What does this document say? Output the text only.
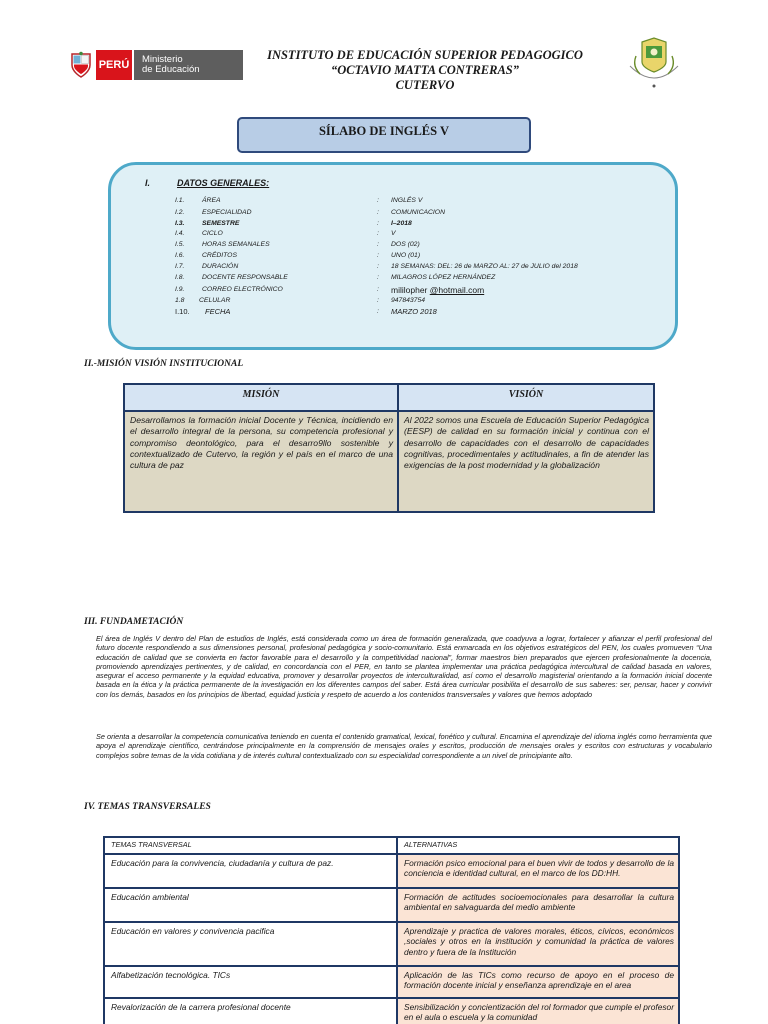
PERÚ Ministerio
de Educación
INSTITUTO DE EDUCACIÓN SUPERIOR PEDAGOGICO
“OCTAVIO MATTA CONTRERAS”
CUTERVO
SÍLABO DE INGLÉS V
I.	DATOS GENERALES:
I.1.	ÁREA	: INGLÉS V
I.2.	ESPECIALIDAD	: COMUNICACION
I.3.	SEMESTRE	: I–2018
I.4.	CICLO	: V
I.5.	HORAS SEMANALES	: DOS (02)
I.6.	CRÉDITOS	: UNO (01)
I.7.	DURACIÓN	: 18 SEMANAS: DEL: 26 de MARZO AL: 27 de JULIO del 2018
I.8.	DOCENTE RESPONSABLE	: MILAGROS LÓPEZ HERNÁNDEZ
I.9.	CORREO ELECTRÓNICO	: mililopher @hotmail.com
1.8 CELULAR	: 947843754
I.10. FECHA	: MARZO 2018
II.-MISIÓN VISIÓN INSTITUCIONAL
MISIÓN	VISIÓN
Desarrollamos la formación inicial Docente y Técnica, incidiendo en el desarrollo integral de la persona, su competencia profesional y compromiso deontológico, para el desarro9llo sostenible y contextualizado de Cutervo, la región y el país en el marco de una cultura de paz
Al 2022 somos una Escuela de Educación Superior Pedagógica (EESP) de calidad en su formación inicial y continua con el desarrollo de capacidades con el desarrollo de capacidades cognitivas, procedimentales y actitudinales, a fin de atender las exigencias de la post modernidad y la globalización
III. FUNDAMETACIÓN
El área de Inglés V dentro del Plan de estudios de Inglés, está considerada como un área de formación generalizada, que coadyuva a lograr, fortalecer y afianzar el perfil profesional del futuro docente respondiendo a sus dimensiones personal, profesional pedagógica y socio-comunitario. Está enmarcada en los objetivos estratégicos del PEN, los cuales promueven “Una educación de calidad que se convierta en factor favorable para el desarrollo y la competitividad nacional”, formar maestros bien preparados que ejercen profesionalmente la docencia, promoviendo aprendizajes pertinentes, y de calidad, en concordancia con el PER, en tanto se plantea implementar una práctica pedagógica intercultural de calidad basada en valores, asegurar el acceso permanente y la equidad educativa, promover y desarrollar proyectos de interculturalidad, así como el desarrollo magisterial orientando a la formación inicial docente basada en la ética y la práctica permanente de la investigación en los diferentes campos del saber. Está área curricular posibilita el desarrollo de sus saberes: ser, pensar, hacer y convivir con los demás, basados en los principios de libertad, equidad justicia y respeto de acuerdo a los contenidos transversales y valores que hemos adoptado
Se orienta a desarrollar la competencia comunicativa teniendo en cuenta el contenido gramatical, lexical, fonético y cultural. Encamina el aprendizaje del idioma inglés como herramienta que apoya el aprendizaje científico, centrándose principalmente en la comprensión de mensajes orales y escritos, producción de mensajes orales y escritos con estructuras y vocabulario complejos sobre temas de la vida cotidiana y de interés cultural contextualizado con su especialidad correspondiente a un nivel de principiante alto.
IV. TEMAS TRANSVERSALES
TEMAS TRANSVERSAL	ALTERNATIVAS
Educación para la convivencia, ciudadanía y cultura de paz.	Formación psico emocional para el buen vivir de todos y desarrollo de la conciencia e identidad cultural, en el marco de los DD:HH.
Educación ambiental	Formación de actitudes socioemocionales para desarrollar la cultura ambiental en salvaguarda del medio ambiente
Educación en valores y convivencia pacifica	Aprendizaje y practica de valores morales, éticos, cívicos, económicos ,sociales y otros en la institución y comunidad la práctica de valores dentro y fuera de la Institución
Alfabetización tecnológica. TICs	Aplicación de las TICs como recurso de apoyo en el proceso de formación docente inicial y enseñanza aprendizaje en el area
Revalorización de la carrera profesional docente	Sensibilización y concientización del rol formador que cumple el profesor en el aula o escuela y la comunidad
